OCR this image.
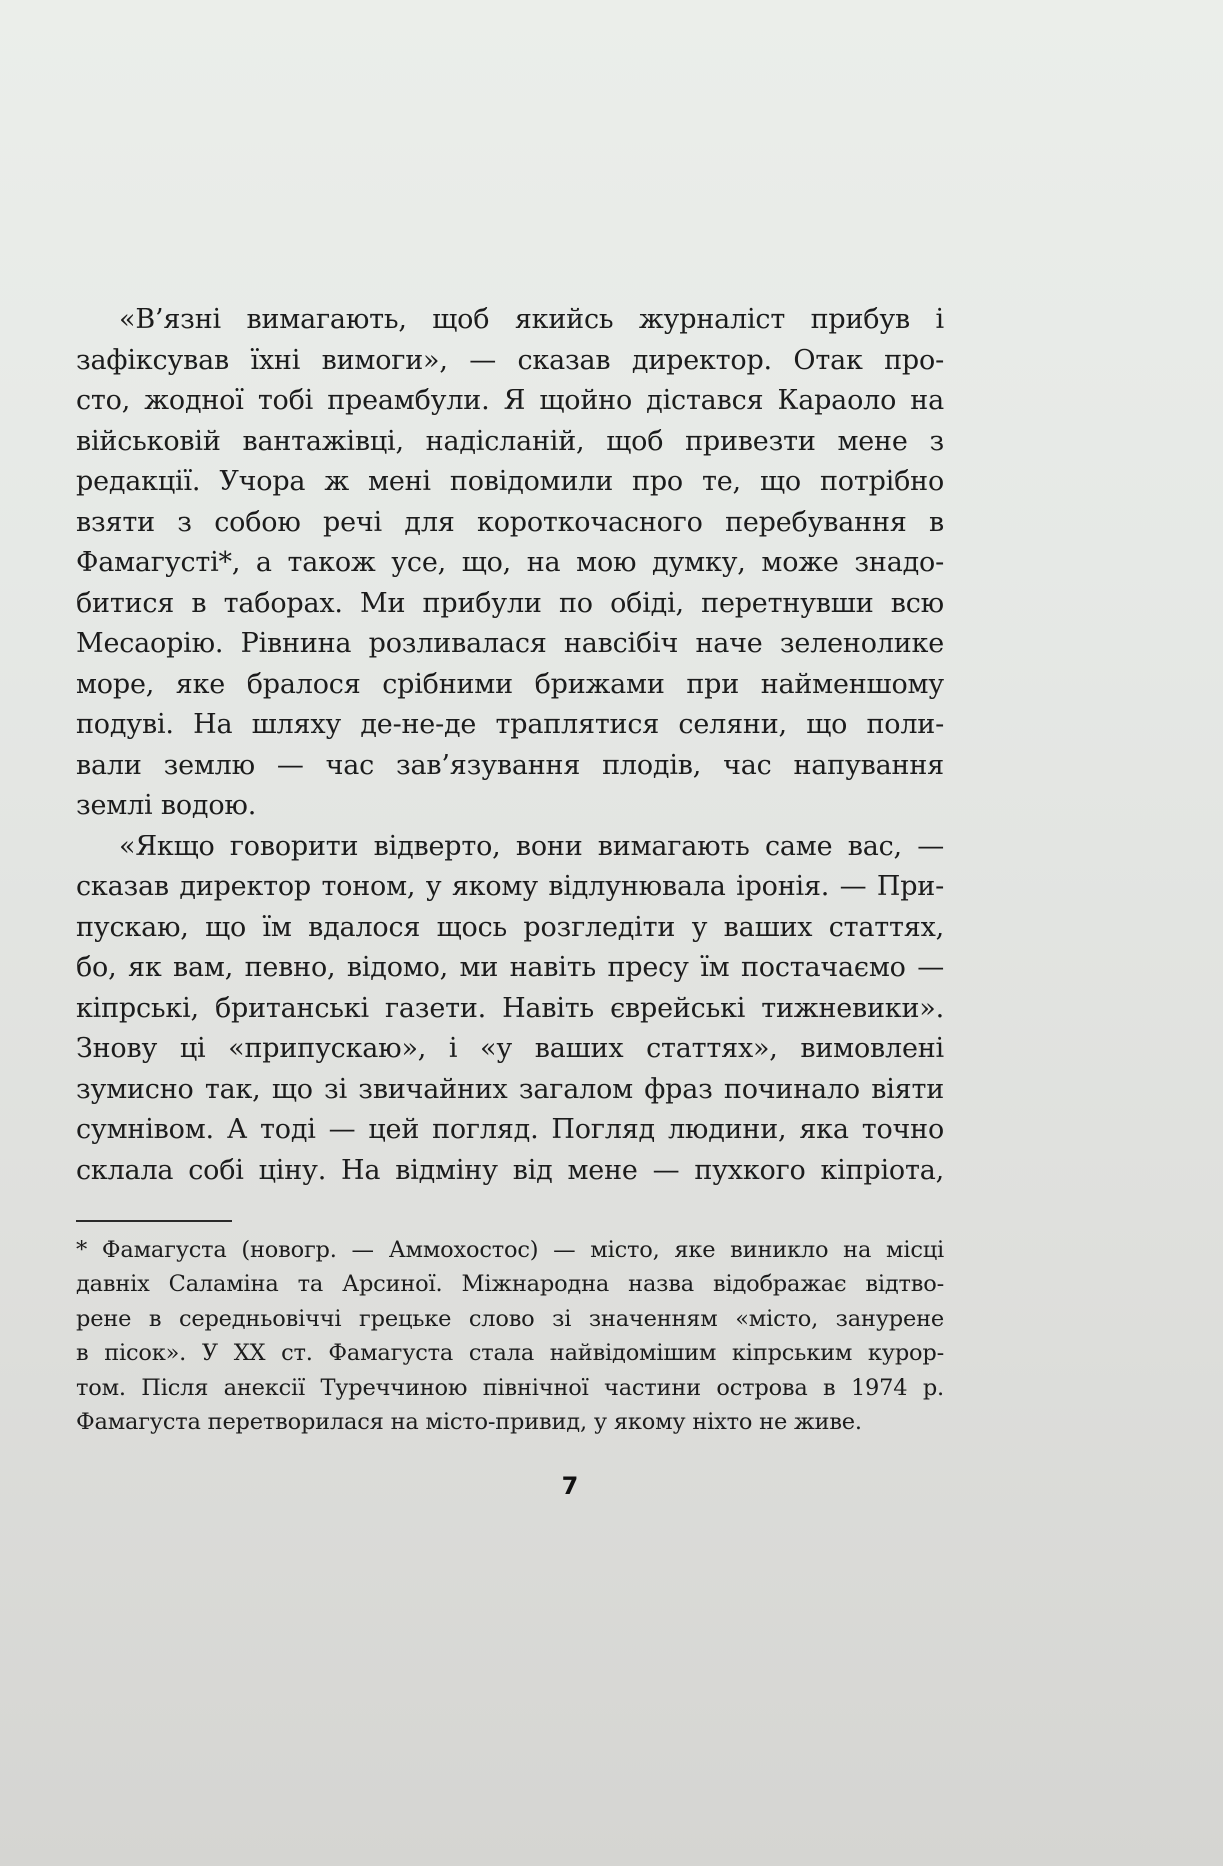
«В’язні вимагають, щоб якийсь журналіст прибув і
зафіксував їхні вимоги», — сказав директор. Отак про-
сто, жодної тобі преамбули. Я щойно дістався Караоло на
військовій вантажівці, надісланій, щоб привезти мене з
редакції. Учора ж мені повідомили про те, що потрібно
взяти з собою речі для короткочасного перебування в
Фамагусті*, а також усе, що, на мою думку, може знадо-
битися в таборах. Ми прибули по обіді, перетнувши всю
Месаорію. Рівнина розливалася навсібіч наче зеленолике
море, яке бралося срібними брижами при найменшому
подуві. На шляху де-не-де траплятися селяни, що поли-
вали землю — час зав’язування плодів, час напування
землі водою.
«Якщо говорити відверто, вони вимагають саме вас, —
сказав директор тоном, у якому відлунювала іронія. — При-
пускаю, що їм вдалося щось розгледіти у ваших статтях,
бо, як вам, певно, відомо, ми навіть пресу їм постачаємо —
кіпрські, британські газети. Навіть єврейські тижневики».
Знову ці «припускаю», і «у ваших статтях», вимовлені
зумисно так, що зі звичайних загалом фраз починало віяти
сумнівом. А тоді — цей погляд. Погляд людини, яка точно
склала собі ціну. На відміну від мене — пухкого кіпріота,
* Фамагуста (новогр. — Аммохостос) — місто, яке виникло на місці
давніх Саламіна та Арсиної. Міжнародна назва відображає відтво-
рене в середньовіччі грецьке слово зі значенням «місто, занурене
в пісок». У ХХ ст. Фамагуста стала найвідомішим кіпрським курор-
том. Після анексії Туреччиною північної частини острова в 1974 р.
Фамагуста перетворилася на місто-привид, у якому ніхто не живе.
7
